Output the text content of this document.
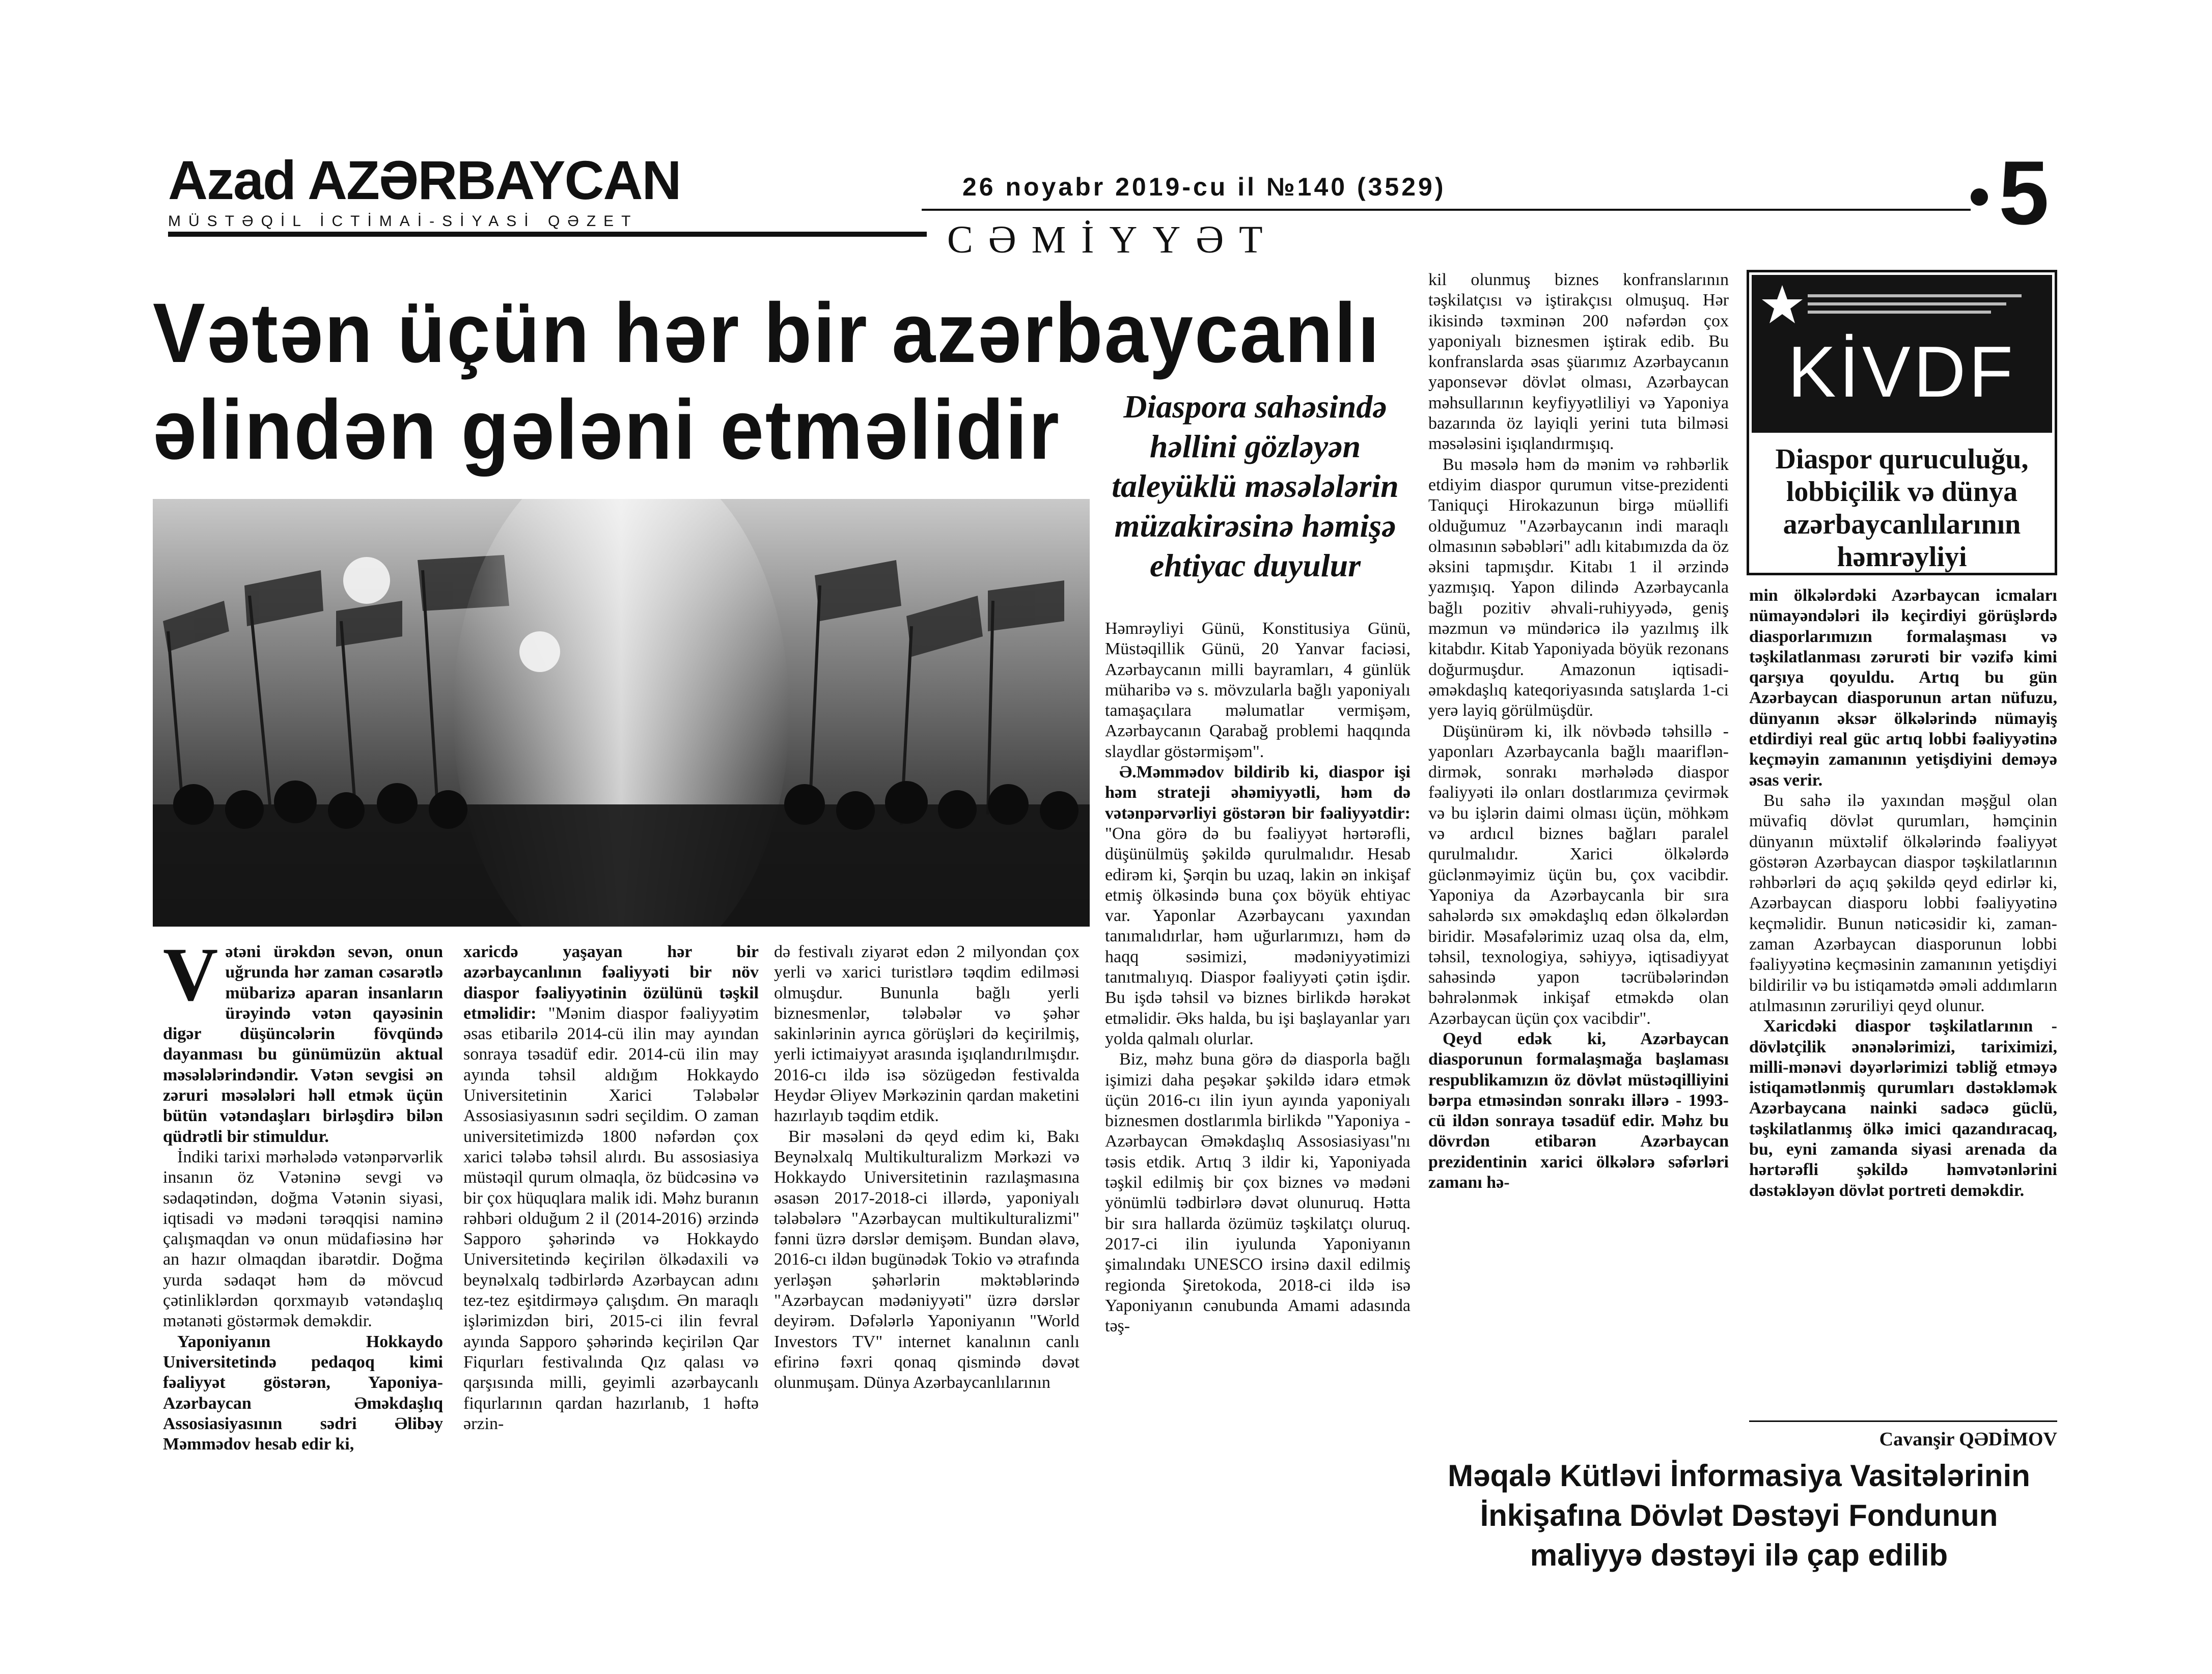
Azad AZƏRBAYCAN
MÜSTƏQİL İCTİMAİ-SİYASİ QƏZET
26 noyabr 2019-cu il №140 (3529)	5
CƏMİYYƏT
Vətən üçün hər bir azərbaycanlı
əlindən gələni etməlidir	Diaspora sahəsində həllini gözləyən taleyüklü məsələlərin müzakirəsinə həmişə ehtiyac duyulur

Vətəni ürəkdən sevən, onun uğrunda hər zaman cəsarətlə mübarizə aparan insanların ürəyində vətən qayəsinin digər düşüncələrin fövqündə dayanması bu günümüzün aktual məsələlərindəndir. Vətən sevgisi ən zəruri məsələləri həll etmək üçün bütün vətəndaşları birləşdirə bilən qüdrətli bir stimuldur.

İndiki tarixi mərhələdə vətənpərvərlik insanın öz Vətəninə sevgi və sədaqətindən, doğma Vətənin siyasi, iqtisadi və mədəni tərəqqisi naminə çalışmaqdan və onun müdafiəsinə hər an hazır olmaqdan ibarətdir. Doğma yurda sədaqət həm də mövcud çətinliklərdən qorxmayıb vətəndaşlıq mətanəti göstərmək deməkdir.

Yaponiyanın Hokkaydo Universitetində pedaqoq kimi fəaliyyət göstərən, Yaponiya-Azərbaycan Əməkdaşlıq Assosiasiyasının sədri Əlibəy Məmmədov hesab edir ki,

xaricdə yaşayan hər bir azərbaycanlının fəaliyyəti bir növ diaspor fəaliyyətinin özülünü təşkil etməlidir: "Mənim diaspor fəaliyyətim əsas etibarilə 2014-cü ilin may ayından sonraya təsadüf edir. 2014-cü ilin may ayında təhsil aldığım Hokkaydo Universitetinin Xarici Tələbələr Assosiasiyasının sədri seçildim. O zaman universitetimizdə 1800 nəfərdən çox xarici tələbə təhsil alırdı. Bu assosiasiya müstəqil qurum olmaqla, öz büdcəsinə və bir çox hüquqlara malik idi. Məhz buranın rəhbəri olduğum 2 il (2014-2016) ərzində Sapporo şəhərində və Hokkaydo Universitetində keçirilən ölkədaxili və beynəlxalq tədbirlərdə Azərbaycan adını tez-tez eşitdirməyə çalışdım. Ən maraqlı işlərimizdən biri, 2015-ci ilin fevral ayında Sapporo şəhərində keçirilən Qar Fiqurları festivalında Qız qalası və qarşısında milli, geyimli azərbaycanlı fiqurlarının qardan hazırlanıb, 1 həftə ərzin-

də festivalı ziyarət edən 2 milyondan çox yerli və xarici turistlərə təqdim edilməsi olmuşdur. Bununla bağlı yerli biznesmenlər, tələbələr və şəhər sakinlərinin ayrıca görüşləri də keçirilmiş, yerli ictimaiyyət arasında işıqlandırılmışdır. 2016-cı ildə isə sözügedən festivalda Heydər Əliyev Mərkəzinin qardan maketini hazırlayıb təqdim etdik.

Bir məsələni də qeyd edim ki, Bakı Beynəlxalq Multikulturalizm Mərkəzi və Hokkaydo Universitetinin razılaşmasına əsasən 2017-2018-ci illərdə, yaponiyalı tələbələrə "Azərbaycan multikulturalizmi" fənni üzrə dərslər demişəm. Bundan əlavə, 2016-cı ildən bugünədək Tokio və ətrafında yerləşən şəhərlərin məktəblərində "Azərbaycan mədəniyyəti" üzrə dərslər deyirəm. Dəfələrlə Yaponiyanın "World Investors TV" internet kanalının canlı efirinə fəxri qonaq qismində dəvət olunmuşam. Dünya Azərbaycanlılarının

Həmrəyliyi Günü, Konstitusiya Günü, Müstəqillik Günü, 20 Yanvar faciəsi, Azərbaycanın milli bayramları, 4 günlük müharibə və s. mövzularla bağlı yaponiyalı tamaşaçılara məlumatlar vermişəm, Azərbaycanın Qarabağ problemi haqqında slaydlar göstərmişəm".

Ə.Məmmədov bildirib ki, diaspor işi həm strateji əhəmiyyətli, həm də vətənpərvərliyi göstərən bir fəaliyyətdir: "Ona görə də bu fəaliyyət hərtərəfli, düşünülmüş şəkildə qurulmalıdır. Hesab edirəm ki, Şərqin bu uzaq, lakin ən inkişaf etmiş ölkəsində buna çox böyük ehtiyac var. Yaponlar Azərbaycanı yaxından tanımalıdırlar, həm uğurlarımızı, həm də haqq səsimizi, mədəniyyətimizi tanıtmalıyıq. Diaspor fəaliyyəti çətin işdir. Bu işdə təhsil və biznes birlikdə hərəkət etməlidir. Əks halda, bu işi başlayanlar yarı yolda qalmalı olurlar.

Biz, məhz buna görə də diasporla bağlı işimizi daha peşəkar şəkildə idarə etmək üçün 2016-cı ilin iyun ayında yaponiyalı biznesmen dostlarımla birlikdə "Yaponiya - Azərbaycan Əməkdaşlıq Assosiasiyası"nı təsis etdik. Artıq 3 ildir ki, Yaponiyada təşkil edilmiş bir çox biznes və mədəni yönümlü tədbirlərə dəvət olunuruq. Hətta bir sıra hallarda özümüz təşkilatçı oluruq. 2017-ci ilin iyulunda Yaponiyanın şimalındakı UNESCO irsinə daxil edilmiş regionda Şiretokoda, 2018-ci ildə isə Yaponiyanın cənubunda Amami adasında təş-

kil olunmuş biznes konfranslarının təşkilatçısı və iştirakçısı olmuşuq. Hər ikisində təxminən 200 nəfərdən çox yaponiyalı biznesmen iştirak edib. Bu konfranslarda əsas şüarımız Azərbaycanın yaponsevər dövlət olması, Azərbaycan məhsullarının keyfiyyətliliyi və Yaponiya bazarında öz layiqli yerini tuta bilməsi məsələsini işıqlandırmışıq.

Bu məsələ həm də mənim və rəhbərlik etdiyim diaspor qurumun vitse-prezidenti Taniquçi Hirokazunun birgə müəllifi olduğumuz "Azərbaycanın indi maraqlı olmasının səbəbləri" adlı kitabımızda da öz əksini tapmışdır. Kitabı 1 il ərzində yazmışıq. Yapon dilində Azərbaycanla bağlı pozitiv əhvali-ruhiyyədə, geniş məzmun və mündəricə ilə yazılmış ilk kitabdır. Kitab Yaponiyada böyük rezonans doğurmuşdur. Amazonun iqtisadi-əməkdaşlıq kateqoriyasında satışlarda 1-ci yerə layiq görülmüşdür.

Düşünürəm ki, ilk növbədə təhsillə - yaponları Azərbaycanla bağlı maarifləndirmək, sonrakı mərhələdə diaspor fəaliyyəti ilə onları dostlarımıza çevirmək və bu işlərin daimi olması üçün, möhkəm və ardıcıl biznes bağları paralel qurulmalıdır. Xarici ölkələrdə güclənməyimiz üçün bu, çox vacibdir. Yaponiya da Azərbaycanla bir sıra sahələrdə sıx əməkdaşlıq edən ölkələrdən biridir. Məsafələrimiz uzaq olsa da, elm, təhsil, texnologiya, səhiyyə, iqtisadiyyat sahəsində yapon təcrübələrindən bəhrələnmək inkişaf etməkdə olan Azərbaycan üçün çox vacibdir".

Qeyd edək ki, Azərbaycan diasporunun formalaşmağa başlaması respublikamızın öz dövlət müstəqilliyini bərpa etməsindən sonrakı illərə - 1993-cü ildən sonraya təsadüf edir. Məhz bu dövrdən etibarən Azərbaycan prezidentinin xarici ölkələrə səfərləri zamanı hə-

KİVDF
Diaspor quruculuğu, lobbiçilik və dünya azərbaycanlılarının həmrəyliyi

min ölkələrdəki Azərbaycan icmaları nümayəndələri ilə keçirdiyi görüşlərdə diasporlarımızın formalaşması və təşkilatlanması zərurəti bir vəzifə kimi qarşıya qoyuldu. Artıq bu gün Azərbaycan diasporunun artan nüfuzu, dünyanın əksər ölkələrində nümayiş etdirdiyi real güc artıq lobbi fəaliyyətinə keçməyin zamanının yetişdiyini deməyə əsas verir.

Bu sahə ilə yaxından məşğul olan müvafiq dövlət qurumları, həmçinin dünyanın müxtəlif ölkələrində fəaliyyət göstərən Azərbaycan diaspor təşkilatlarının rəhbərləri də açıq şəkildə qeyd edirlər ki, Azərbaycan diasporu lobbi fəaliyyətinə keçməlidir. Bunun nəticəsidir ki, zaman-zaman Azərbaycan diasporunun lobbi fəaliyyətinə keçməsinin zamanının yetişdiyi bildirilir və bu istiqamətdə əməli addımların atılmasının zəruriliyi qeyd olunur.

Xaricdəki diaspor təşkilatlarının - dövlətçilik ənənələrimizi, tariximizi, milli-mənəvi dəyərlərimizi təbliğ etməyə istiqamətlənmiş qurumları dəstəkləmək Azərbaycana nainki sadəcə güclü, təşkilatlanmış ölkə imici qazandıracaq, bu, eyni zamanda siyasi arenada da hərtərəfli şəkildə həmvətənlərini dəstəkləyən dövlət portreti deməkdir.

Cavanşir QƏDİMOV
Məqalə Kütləvi İnformasiya Vasitələrinin
İnkişafına Dövlət Dəstəyi Fondunun
maliyyə dəstəyi ilə çap edilib
